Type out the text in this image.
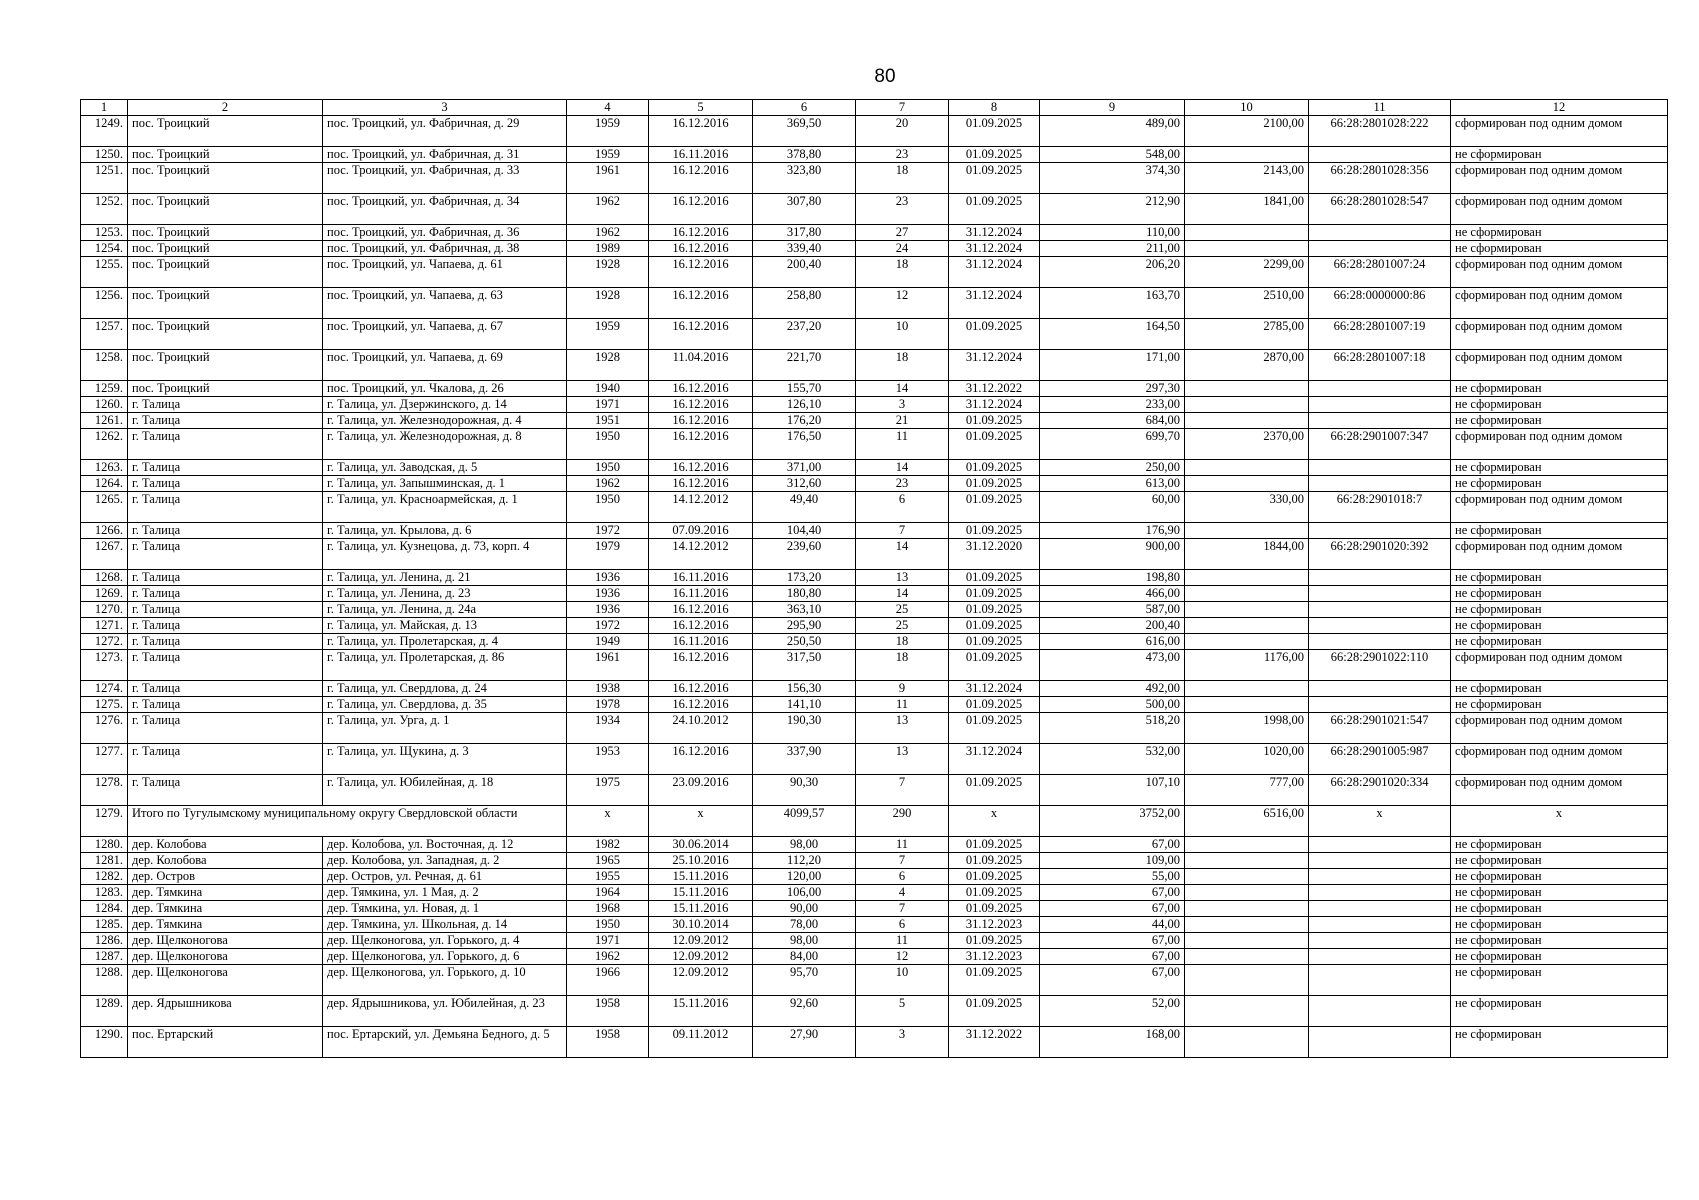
80
1	2	3	4	5	6	7	8	9	10	11	12
1249.	пос. Троицкий	пос. Троицкий, ул. Фабричная, д. 29	1959	16.12.2016	369,50	20	01.09.2025	489,00	2100,00	66:28:2801028:222	сформирован под одним домом
1250.	пос. Троицкий	пос. Троицкий, ул. Фабричная, д. 31	1959	16.11.2016	378,80	23	01.09.2025	548,00			не сформирован
1251.	пос. Троицкий	пос. Троицкий, ул. Фабричная, д. 33	1961	16.12.2016	323,80	18	01.09.2025	374,30	2143,00	66:28:2801028:356	сформирован под одним домом
1252.	пос. Троицкий	пос. Троицкий, ул. Фабричная, д. 34	1962	16.12.2016	307,80	23	01.09.2025	212,90	1841,00	66:28:2801028:547	сформирован под одним домом
1253.	пос. Троицкий	пос. Троицкий, ул. Фабричная, д. 36	1962	16.12.2016	317,80	27	31.12.2024	110,00			не сформирован
1254.	пос. Троицкий	пос. Троицкий, ул. Фабричная, д. 38	1989	16.12.2016	339,40	24	31.12.2024	211,00			не сформирован
1255.	пос. Троицкий	пос. Троицкий, ул. Чапаева, д. 61	1928	16.12.2016	200,40	18	31.12.2024	206,20	2299,00	66:28:2801007:24	сформирован под одним домом
1256.	пос. Троицкий	пос. Троицкий, ул. Чапаева, д. 63	1928	16.12.2016	258,80	12	31.12.2024	163,70	2510,00	66:28:0000000:86	сформирован под одним домом
1257.	пос. Троицкий	пос. Троицкий, ул. Чапаева, д. 67	1959	16.12.2016	237,20	10	01.09.2025	164,50	2785,00	66:28:2801007:19	сформирован под одним домом
1258.	пос. Троицкий	пос. Троицкий, ул. Чапаева, д. 69	1928	11.04.2016	221,70	18	31.12.2024	171,00	2870,00	66:28:2801007:18	сформирован под одним домом
1259.	пос. Троицкий	пос. Троицкий, ул. Чкалова, д. 26	1940	16.12.2016	155,70	14	31.12.2022	297,30			не сформирован
1260.	г. Талица	г. Талица, ул. Дзержинского, д. 14	1971	16.12.2016	126,10	3	31.12.2024	233,00			не сформирован
1261.	г. Талица	г. Талица, ул. Железнодорожная, д. 4	1951	16.12.2016	176,20	21	01.09.2025	684,00			не сформирован
1262.	г. Талица	г. Талица, ул. Железнодорожная, д. 8	1950	16.12.2016	176,50	11	01.09.2025	699,70	2370,00	66:28:2901007:347	сформирован под одним домом
1263.	г. Талица	г. Талица, ул. Заводская, д. 5	1950	16.12.2016	371,00	14	01.09.2025	250,00			не сформирован
1264.	г. Талица	г. Талица, ул. Запышминская, д. 1	1962	16.12.2016	312,60	23	01.09.2025	613,00			не сформирован
1265.	г. Талица	г. Талица, ул. Красноармейская, д. 1	1950	14.12.2012	49,40	6	01.09.2025	60,00	330,00	66:28:2901018:7	сформирован под одним домом
1266.	г. Талица	г. Талица, ул. Крылова, д. 6	1972	07.09.2016	104,40	7	01.09.2025	176,90			не сформирован
1267.	г. Талица	г. Талица, ул. Кузнецова, д. 73, корп. 4	1979	14.12.2012	239,60	14	31.12.2020	900,00	1844,00	66:28:2901020:392	сформирован под одним домом
1268.	г. Талица	г. Талица, ул. Ленина, д. 21	1936	16.11.2016	173,20	13	01.09.2025	198,80			не сформирован
1269.	г. Талица	г. Талица, ул. Ленина, д. 23	1936	16.11.2016	180,80	14	01.09.2025	466,00			не сформирован
1270.	г. Талица	г. Талица, ул. Ленина, д. 24а	1936	16.12.2016	363,10	25	01.09.2025	587,00			не сформирован
1271.	г. Талица	г. Талица, ул. Майская, д. 13	1972	16.12.2016	295,90	25	01.09.2025	200,40			не сформирован
1272.	г. Талица	г. Талица, ул. Пролетарская, д. 4	1949	16.11.2016	250,50	18	01.09.2025	616,00			не сформирован
1273.	г. Талица	г. Талица, ул. Пролетарская, д. 86	1961	16.12.2016	317,50	18	01.09.2025	473,00	1176,00	66:28:2901022:110	сформирован под одним домом
1274.	г. Талица	г. Талица, ул. Свердлова, д. 24	1938	16.12.2016	156,30	9	31.12.2024	492,00			не сформирован
1275.	г. Талица	г. Талица, ул. Свердлова, д. 35	1978	16.12.2016	141,10	11	01.09.2025	500,00			не сформирован
1276.	г. Талица	г. Талица, ул. Урга, д. 1	1934	24.10.2012	190,30	13	01.09.2025	518,20	1998,00	66:28:2901021:547	сформирован под одним домом
1277.	г. Талица	г. Талица, ул. Щукина, д. 3	1953	16.12.2016	337,90	13	31.12.2024	532,00	1020,00	66:28:2901005:987	сформирован под одним домом
1278.	г. Талица	г. Талица, ул. Юбилейная, д. 18	1975	23.09.2016	90,30	7	01.09.2025	107,10	777,00	66:28:2901020:334	сформирован под одним домом
1279.	Итого по Тугулымскому муниципальному округу Свердловской области		x	x	4099,57	290	x	3752,00	6516,00	x	x
1280.	дер. Колобова	дер. Колобова, ул. Восточная, д. 12	1982	30.06.2014	98,00	11	01.09.2025	67,00			не сформирован
1281.	дер. Колобова	дер. Колобова, ул. Западная, д. 2	1965	25.10.2016	112,20	7	01.09.2025	109,00			не сформирован
1282.	дер. Остров	дер. Остров, ул. Речная, д. 61	1955	15.11.2016	120,00	6	01.09.2025	55,00			не сформирован
1283.	дер. Тямкина	дер. Тямкина, ул. 1 Мая, д. 2	1964	15.11.2016	106,00	4	01.09.2025	67,00			не сформирован
1284.	дер. Тямкина	дер. Тямкина, ул. Новая, д. 1	1968	15.11.2016	90,00	7	01.09.2025	67,00			не сформирован
1285.	дер. Тямкина	дер. Тямкина, ул. Школьная, д. 14	1950	30.10.2014	78,00	6	31.12.2023	44,00			не сформирован
1286.	дер. Щелконогова	дер. Щелконогова, ул. Горького, д. 4	1971	12.09.2012	98,00	11	01.09.2025	67,00			не сформирован
1287.	дер. Щелконогова	дер. Щелконогова, ул. Горького, д. 6	1962	12.09.2012	84,00	12	31.12.2023	67,00			не сформирован
1288.	дер. Щелконогова	дер. Щелконогова, ул. Горького, д. 10	1966	12.09.2012	95,70	10	01.09.2025	67,00			не сформирован
1289.	дер. Ядрышникова	дер. Ядрышникова, ул. Юбилейная, д. 23	1958	15.11.2016	92,60	5	01.09.2025	52,00			не сформирован
1290.	пос. Ертарский	пос. Ертарский, ул. Демьяна Бедного, д. 5	1958	09.11.2012	27,90	3	31.12.2022	168,00			не сформирован
